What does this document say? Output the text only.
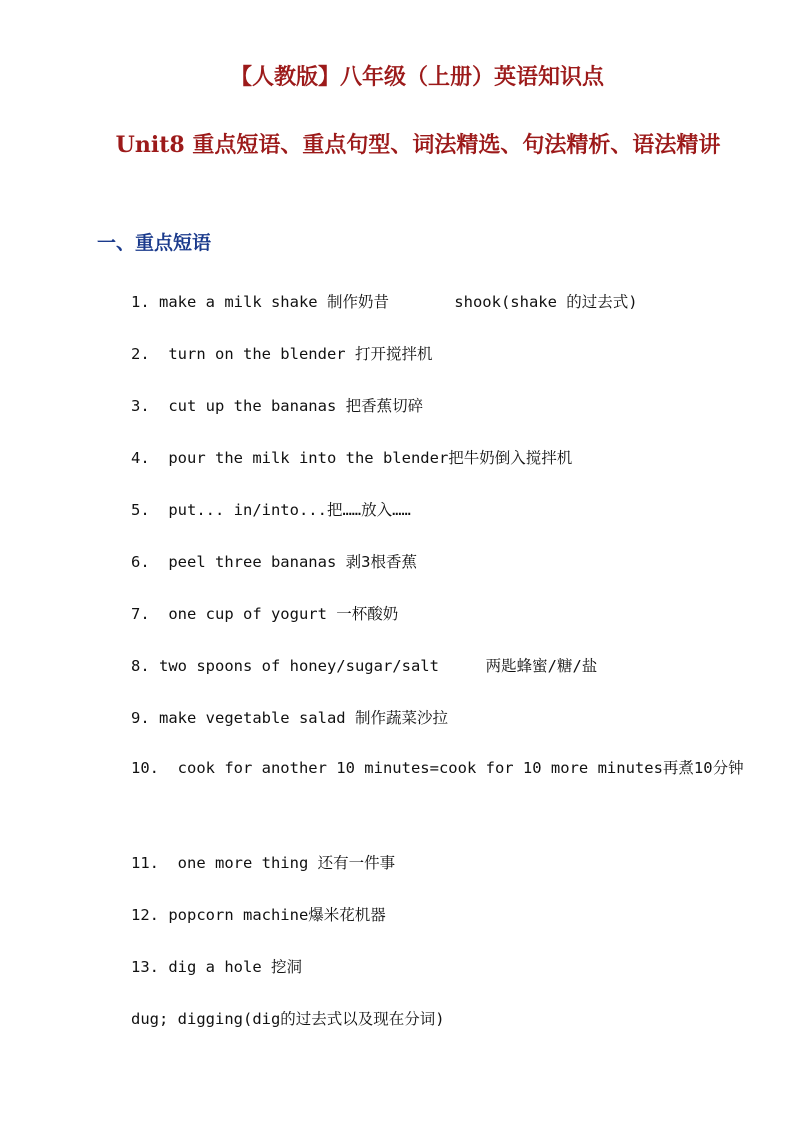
【人教版】八年级（上册）英语知识点
Unit8 重点短语、重点句型、词法精选、句法精析、语法精讲
一、重点短语
1. make a milk shake 制作奶昔       shook(shake 的过去式)
2.  turn on the blender 打开搅拌机
3.  cut up the bananas 把香蕉切碎
4.  pour the milk into the blender把牛奶倒入搅拌机
5.  put... in/into...把……放入……
6.  peel three bananas 剥3根香蕉
7.  one cup of yogurt 一杯酸奶
8. two spoons of honey/sugar/salt     两匙蜂蜜/糖/盐
9. make vegetable salad 制作蔬菜沙拉
10.  cook for another 10 minutes=cook for 10 more minutes再煮10分钟
11.  one more thing 还有一件事
12. popcorn machine爆米花机器
13. dig a hole 挖洞
dug; digging(dig的过去式以及现在分词)
